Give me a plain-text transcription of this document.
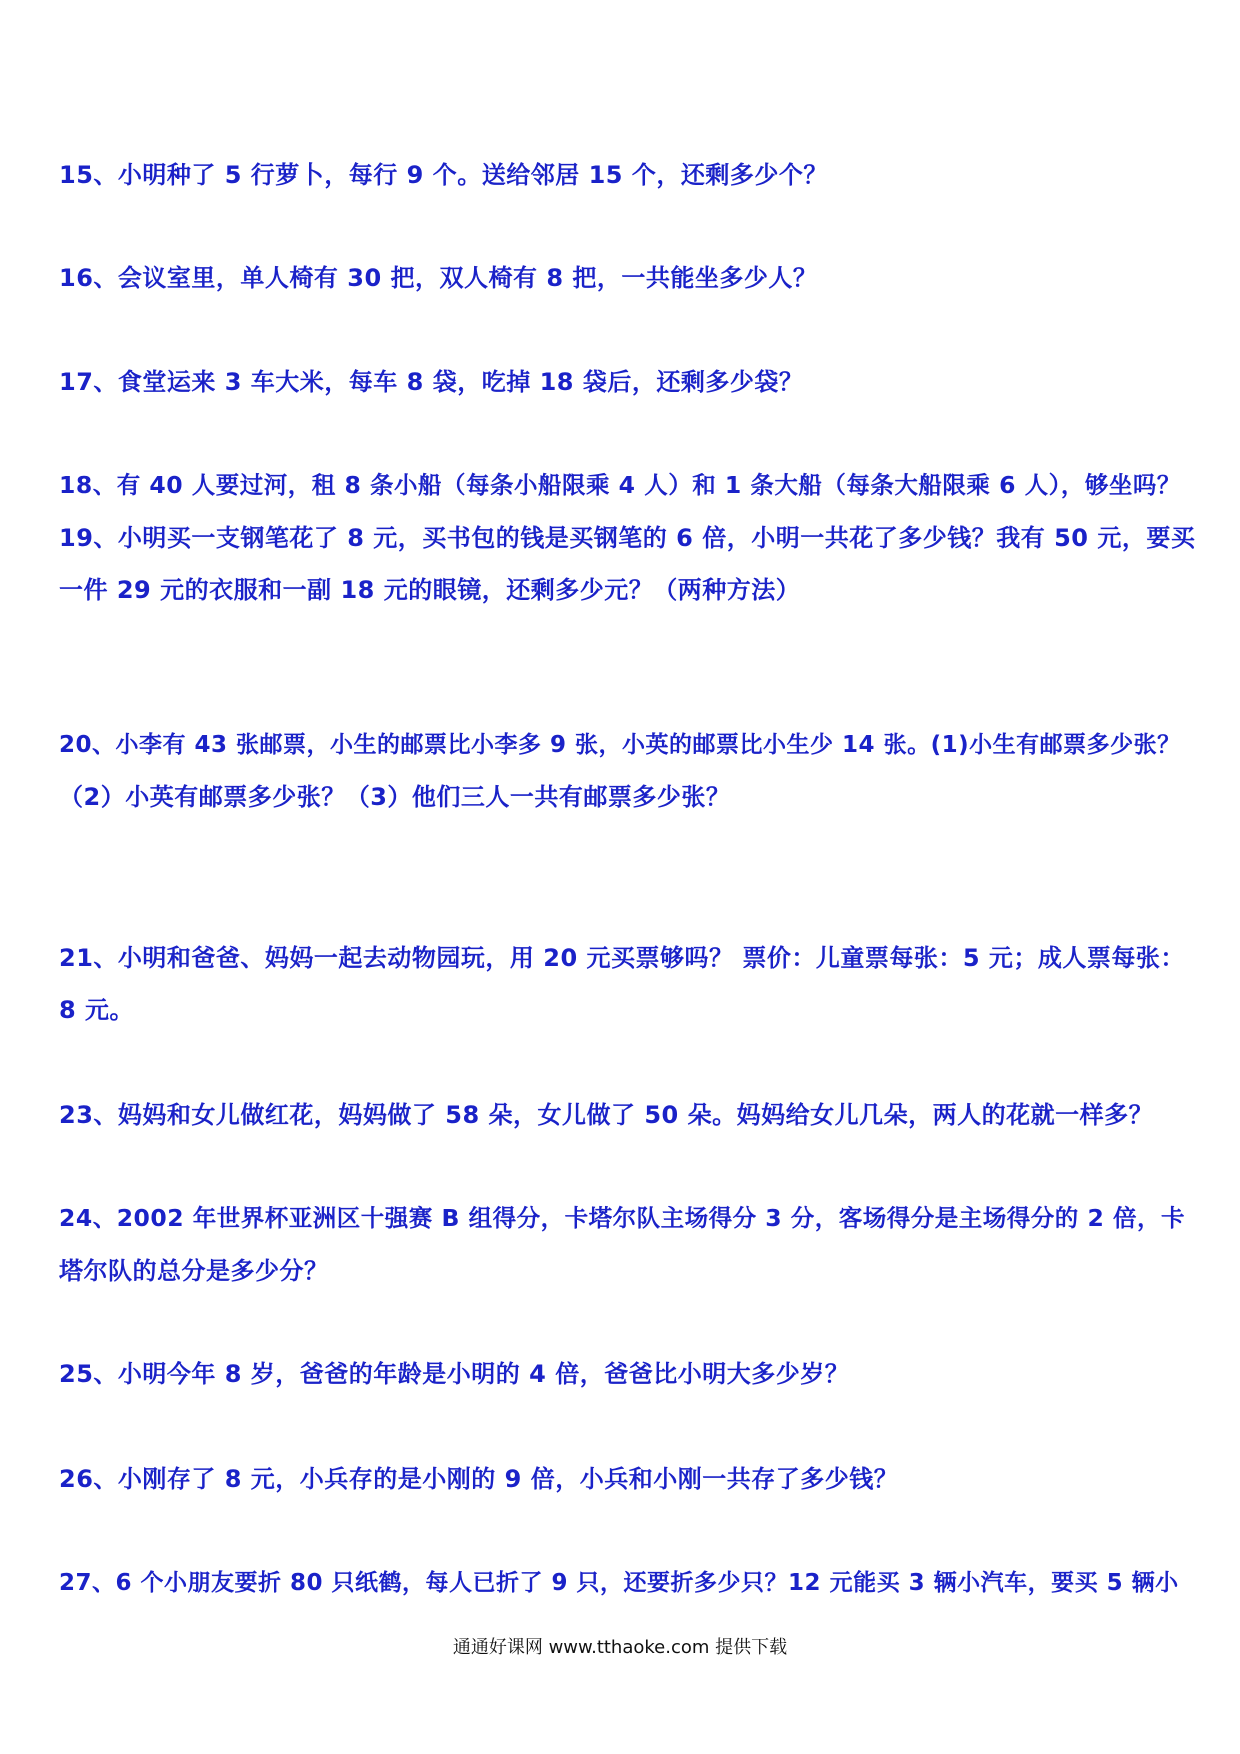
15、小明种了 5 行萝卜，每行 9 个。送给邻居 15 个，还剩多少个？
16、会议室里，单人椅有 30 把，双人椅有 8 把，一共能坐多少人？
17、食堂运来 3 车大米，每车 8 袋，吃掉 18 袋后，还剩多少袋？
18、有 40 人要过河，租 8 条小船（每条小船限乘 4 人）和 1 条大船（每条大船限乘 6 人），够坐吗？
19、小明买一支钢笔花了 8 元，买书包的钱是买钢笔的 6 倍，小明一共花了多少钱？我有 50 元，要买
一件 29 元的衣服和一副 18 元的眼镜，还剩多少元？（两种方法）
20、小李有 43 张邮票，小生的邮票比小李多 9 张，小英的邮票比小生少 14 张。(1)小生有邮票多少张？
（2）小英有邮票多少张？（3）他们三人一共有邮票多少张？
21、小明和爸爸、妈妈一起去动物园玩，用 20 元买票够吗？ 票价：儿童票每张：5 元；成人票每张：
8 元。
23、妈妈和女儿做红花，妈妈做了 58 朵，女儿做了 50 朵。妈妈给女儿几朵，两人的花就一样多？
24、2002 年世界杯亚洲区十强赛 B 组得分，卡塔尔队主场得分 3 分，客场得分是主场得分的 2 倍，卡
塔尔队的总分是多少分？
25、小明今年 8 岁，爸爸的年龄是小明的 4 倍，爸爸比小明大多少岁？
26、小刚存了 8 元，小兵存的是小刚的 9 倍，小兵和小刚一共存了多少钱？
27、6 个小朋友要折 80 只纸鹤，每人已折了 9 只，还要折多少只？12 元能买 3 辆小汽车，要买 5 辆小
通通好课网 www.tthaoke.com 提供下载
